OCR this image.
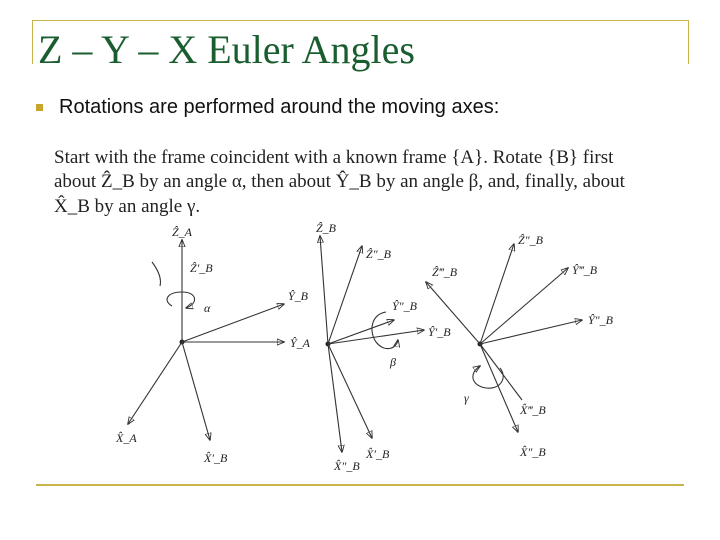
Z – Y – X Euler Angles
Rotations are performed around the moving axes:
Start with the frame coincident with a known frame {A}. Rotate {B} first
about Ẑ_B by an angle α, then about Ŷ_B by an angle β, and, finally, about
X̂_B by an angle γ.
Ẑ_A
Ẑ′_B
Ŷ_B
Ŷ_A
X̂_A
X̂′_B
α
Ẑ_B
Ẑ″_B
Ŷ″_B
Ŷ′_B
X̂″_B
X̂′_B
β
Ẑ″_B
Ẑ‴_B	Ŷ‴_B
Ŷ″_B
X̂‴_B
X̂″_B
γ
